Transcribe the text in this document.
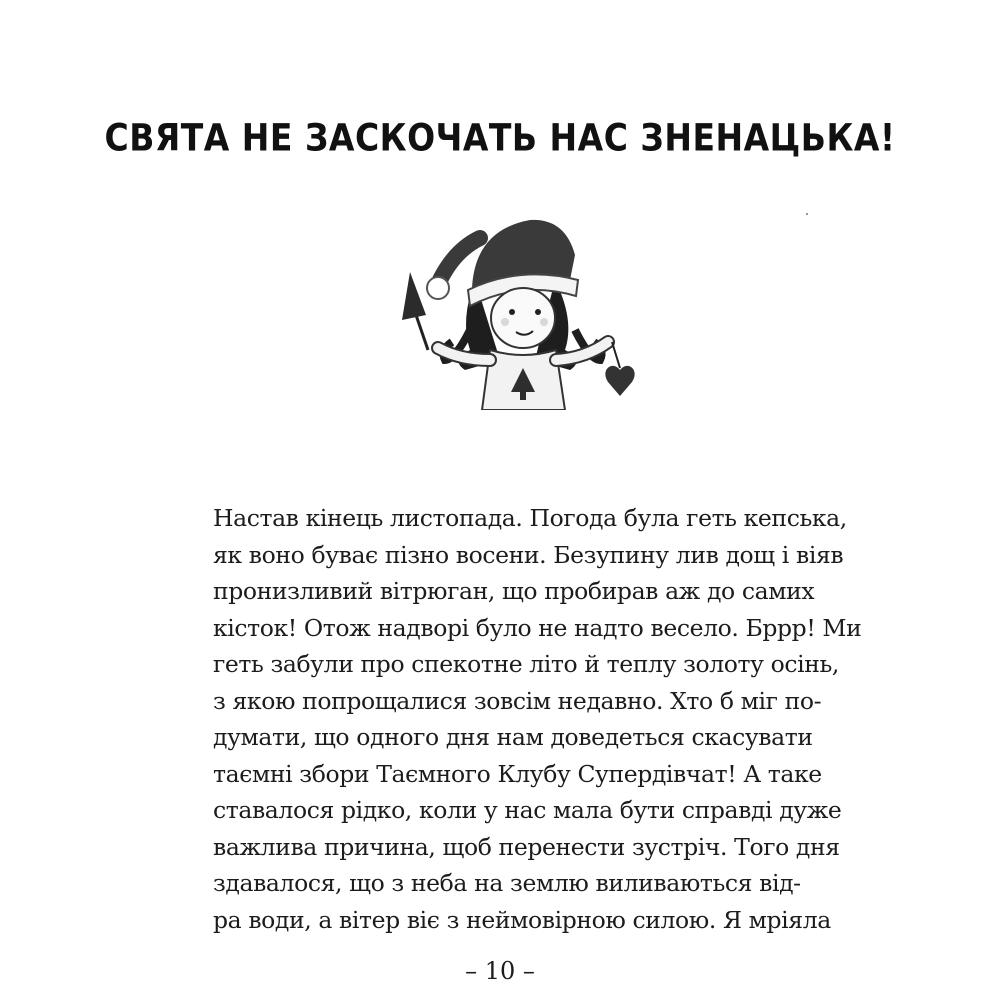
СВЯТА НЕ ЗАСКОЧАТЬ НАС ЗНЕНАЦЬКА!
Настав кінець листопада. Погода була геть кепська,
як воно буває пізно восени. Безупину лив дощ і віяв
пронизливий вітрюган, що пробирав аж до самих
кісток! Отож надворі було не надто весело. Бррр! Ми
геть забули про спекотне літо й теплу золоту осінь,
з якою попрощалися зовсім недавно. Хто б міг по-
думати, що одного дня нам доведеться скасувати
таємні збори Таємного Клубу Супердівчат! А таке
ставалося рідко, коли у нас мала бути справді дуже
важлива причина, щоб перенести зустріч. Того дня
здавалося, що з неба на землю виливаються від-
ра води, а вітер віє з неймовірною силою. Я мріяла
– 10 –
